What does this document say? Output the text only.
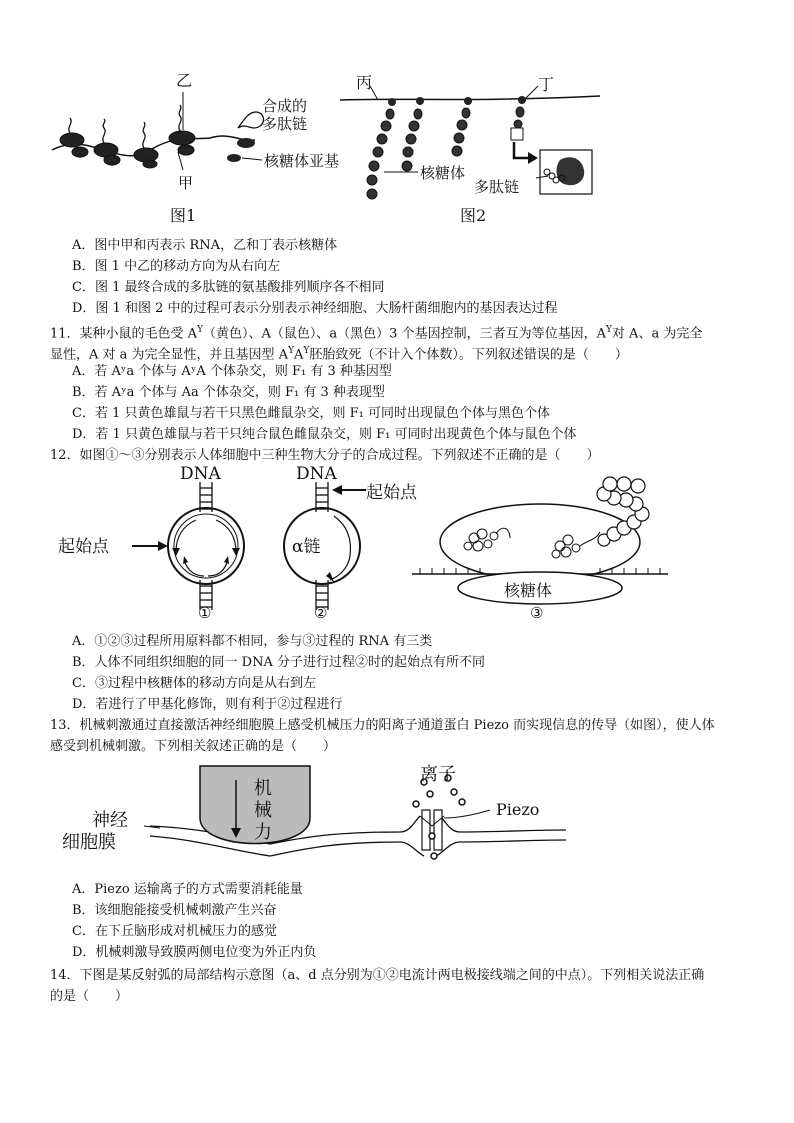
乙
甲
合成的
多肽链
核糖体亚基
图1
丙	丁
核糖体
多肽链
图2
A．图中甲和丙表示 RNA，乙和丁表示核糖体
B．图 1 中乙的移动方向为从右向左
C．图 1 最终合成的多肽链的氨基酸排列顺序各不相同
D．图 1 和图 2 中的过程可表示分别表示神经细胞、大肠杆菌细胞内的基因表达过程
11．某种小鼠的毛色受 $A^Y$（黄色）、A（鼠色）、a（黑色）3 个基因控制，三者互为等位基因，$A^Y$对 A、a 为完全
显性，A 对 a 为完全显性，并且基因型 $A^YA^Y$胚胎致死（不计入个体数）。下列叙述错误的是（　　）
A．若 Aʸa 个体与 AʸA 个体杂交，则 F₁ 有 3 种基因型
B．若 Aʸa 个体与 Aa 个体杂交，则 F₁ 有 3 种表现型
C．若 1 只黄色雄鼠与若干只黑色雌鼠杂交，则 F₁ 可同时出现鼠色个体与黑色个体
D．若 1 只黄色雄鼠与若干只纯合鼠色雌鼠杂交，则 F₁ 可同时出现黄色个体与鼠色个体
12．如图①～③分别表示人体细胞中三种生物大分子的合成过程。下列叙述不正确的是（　　）
DNA	DNA
起始点
起始点
α链
核糖体
①	②	③
A．①②③过程所用原料都不相同，参与③过程的 RNA 有三类
B．人体不同组织细胞的同一 DNA 分子进行过程②时的起始点有所不同
C．③过程中核糖体的移动方向是从右到左
D．若进行了甲基化修饰，则有利于②过程进行
13．机械刺激通过直接激活神经细胞膜上感受机械压力的阳离子通道蛋白 Piezo 而实现信息的传导（如图），使人体
感受到机械刺激。下列相关叙述正确的是（　　）
机
械
力
神经
细胞膜
离子
Piezo
A．Piezo 运输离子的方式需要消耗能量
B．该细胞能接受机械刺激产生兴奋
C．在下丘脑形成对机械压力的感觉
D．机械刺激导致膜两侧电位变为外正内负
14．下图是某反射弧的局部结构示意图（a、d 点分别为①②电流计两电极接线端之间的中点）。下列相关说法正确
的是（　　）
